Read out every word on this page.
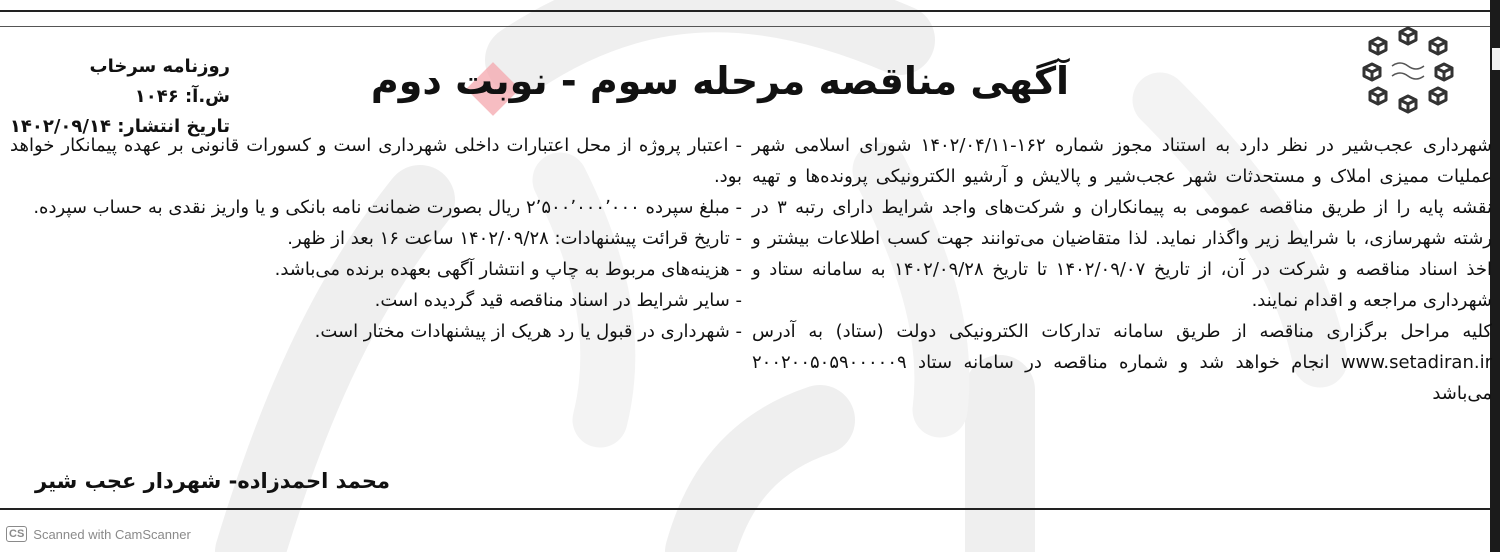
آگهی مناقصه مرحله سوم - نوبت دوم
روزنامه سرخاب
ش.آ: ۱۰۴۶
تاریخ انتشار: ۱۴۰۲/۰۹/۱۴

شهرداری عجب‌شیر در نظر دارد به استناد مجوز شماره ۱۶۲-۱۴۰۲/۰۴/۱۱ شورای اسلامی شهر عملیات ممیزی املاک و مستحدثات شهر عجب‌شیر و پالایش و آرشیو الکترونیکی پرونده‌ها و تهیه نقشه پایه را از طریق مناقصه عمومی به پیمانکاران و شرکت‌های واجد شرایط دارای رتبه ۳ در رشته شهرسازی، با شرایط زیر واگذار نماید. لذا متقاضیان می‌توانند جهت کسب اطلاعات بیشتر و اخذ اسناد مناقصه و شرکت در آن، از تاریخ ۱۴۰۲/۰۹/۰۷ تا تاریخ ۱۴۰۲/۰۹/۲۸ به سامانه ستاد و شهرداری مراجعه و اقدام نمایند.

کلیه مراحل برگزاری مناقصه از طریق سامانه تدارکات الکترونیکی دولت (ستاد) به آدرس www.setadiran.ir انجام خواهد شد و شماره مناقصه در سامانه ستاد ۲۰۰۲۰۰۵۰۵۹۰۰۰۰۰۹ می‌باشد

- اعتبار پروژه از محل اعتبارات داخلی شهرداری است و کسورات قانونی بر عهده پیمانکار خواهد بود.

- مبلغ سپرده ۲٬۵۰۰٬۰۰۰٬۰۰۰ ریال بصورت ضمانت نامه بانکی و یا واریز نقدی به حساب سپرده.

- تاریخ قرائت پیشنهادات: ۱۴۰۲/۰۹/۲۸ ساعت ۱۶ بعد از ظهر.

- هزینه‌های مربوط به چاپ و انتشار آگهی بعهده برنده می‌باشد.

- سایر شرایط در اسناد مناقصه قید گردیده است.

- شهرداری در قبول یا رد هریک از پیشنهادات مختار است.

محمد احمدزاده- شهردار عجب شیر
CS Scanned with CamScanner
